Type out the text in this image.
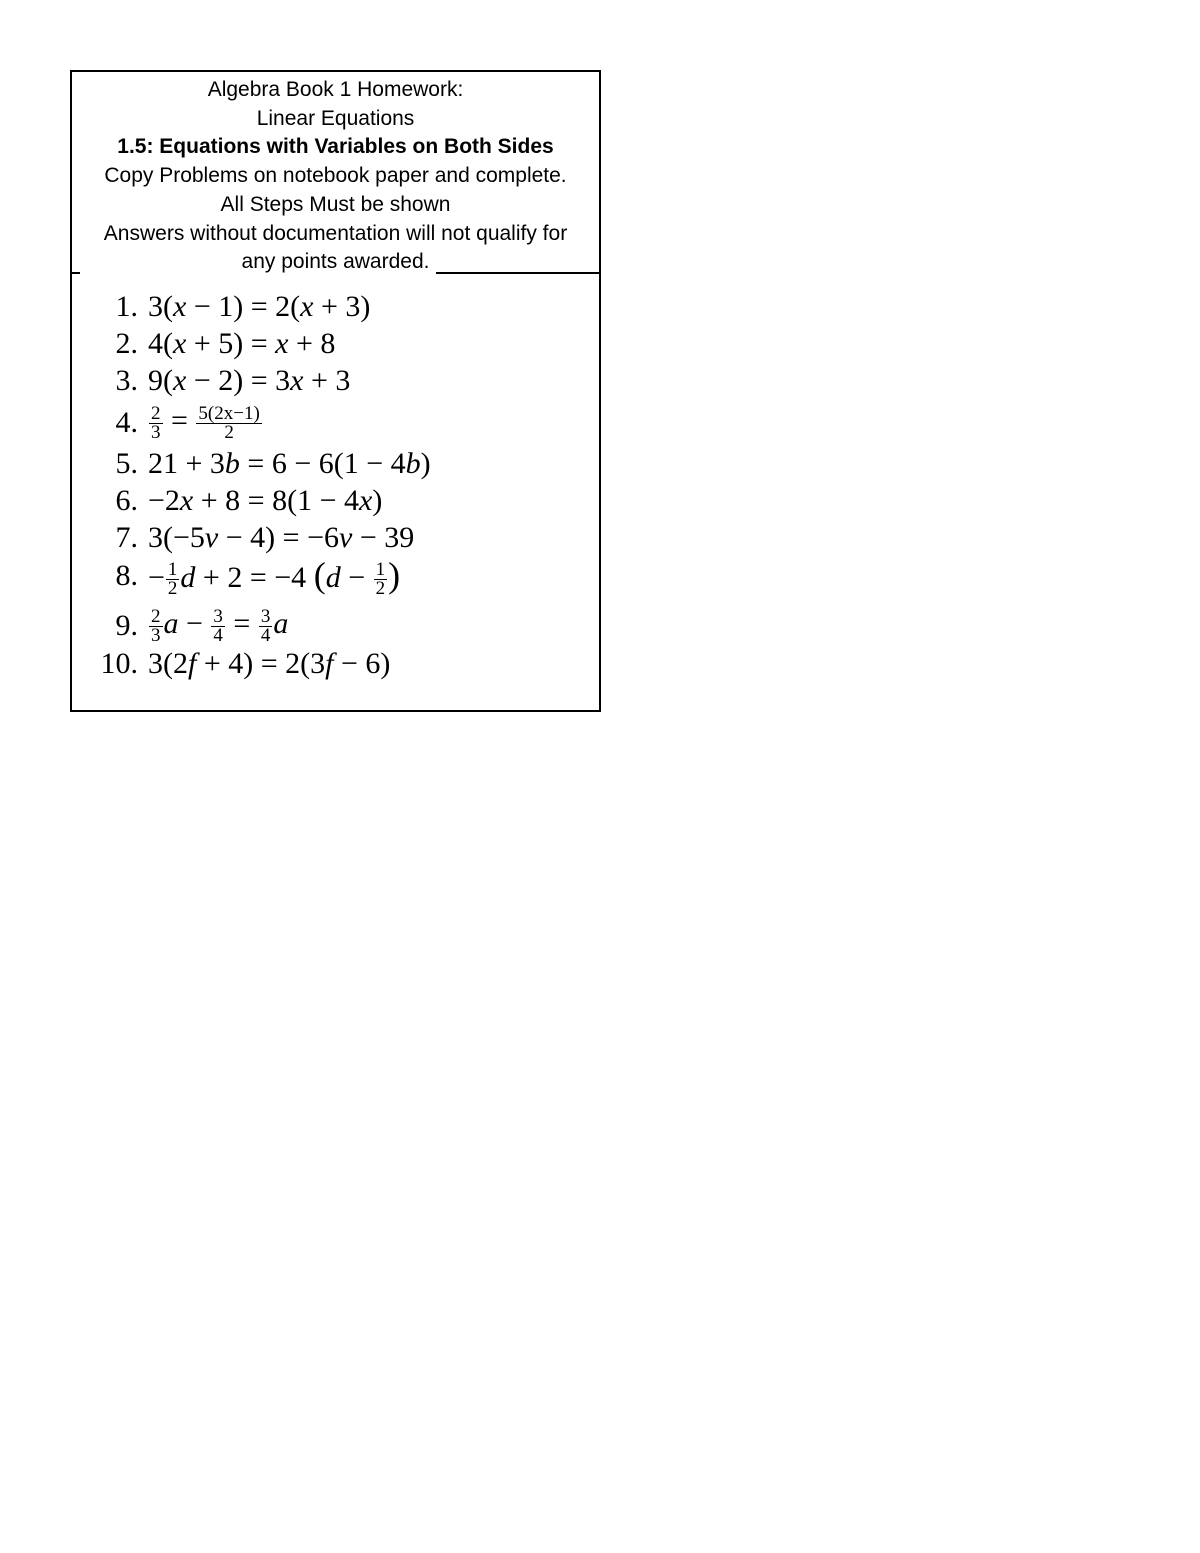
Algebra Book 1 Homework:
Linear Equations
1.5: Equations with Variables on Both Sides
Copy Problems on notebook paper and complete.
All Steps Must be shown
Answers without documentation will not qualify for
any points awarded.
1. 3(x − 1) = 2(x + 3)
2. 4(x + 5) = x + 8
3. 9(x − 2) = 3x + 3
4. $\frac{2}{3} = \frac{5(2x-1)}{2}$
5. 21 + 3b = 6 − 6(1 − 4b)
6. −2x + 8 = 8(1 − 4x)
7. 3(−5v − 4) = −6v − 39
8. − $\frac{1}{2}$ d + 2 = −4 ($d - \frac{1}{2}$ )
9. $\frac{2}{3}$ $a - \frac{3}{4} = \frac{3}{4}$ a
10. 3(2f + 4) = 2(3f − 6)
